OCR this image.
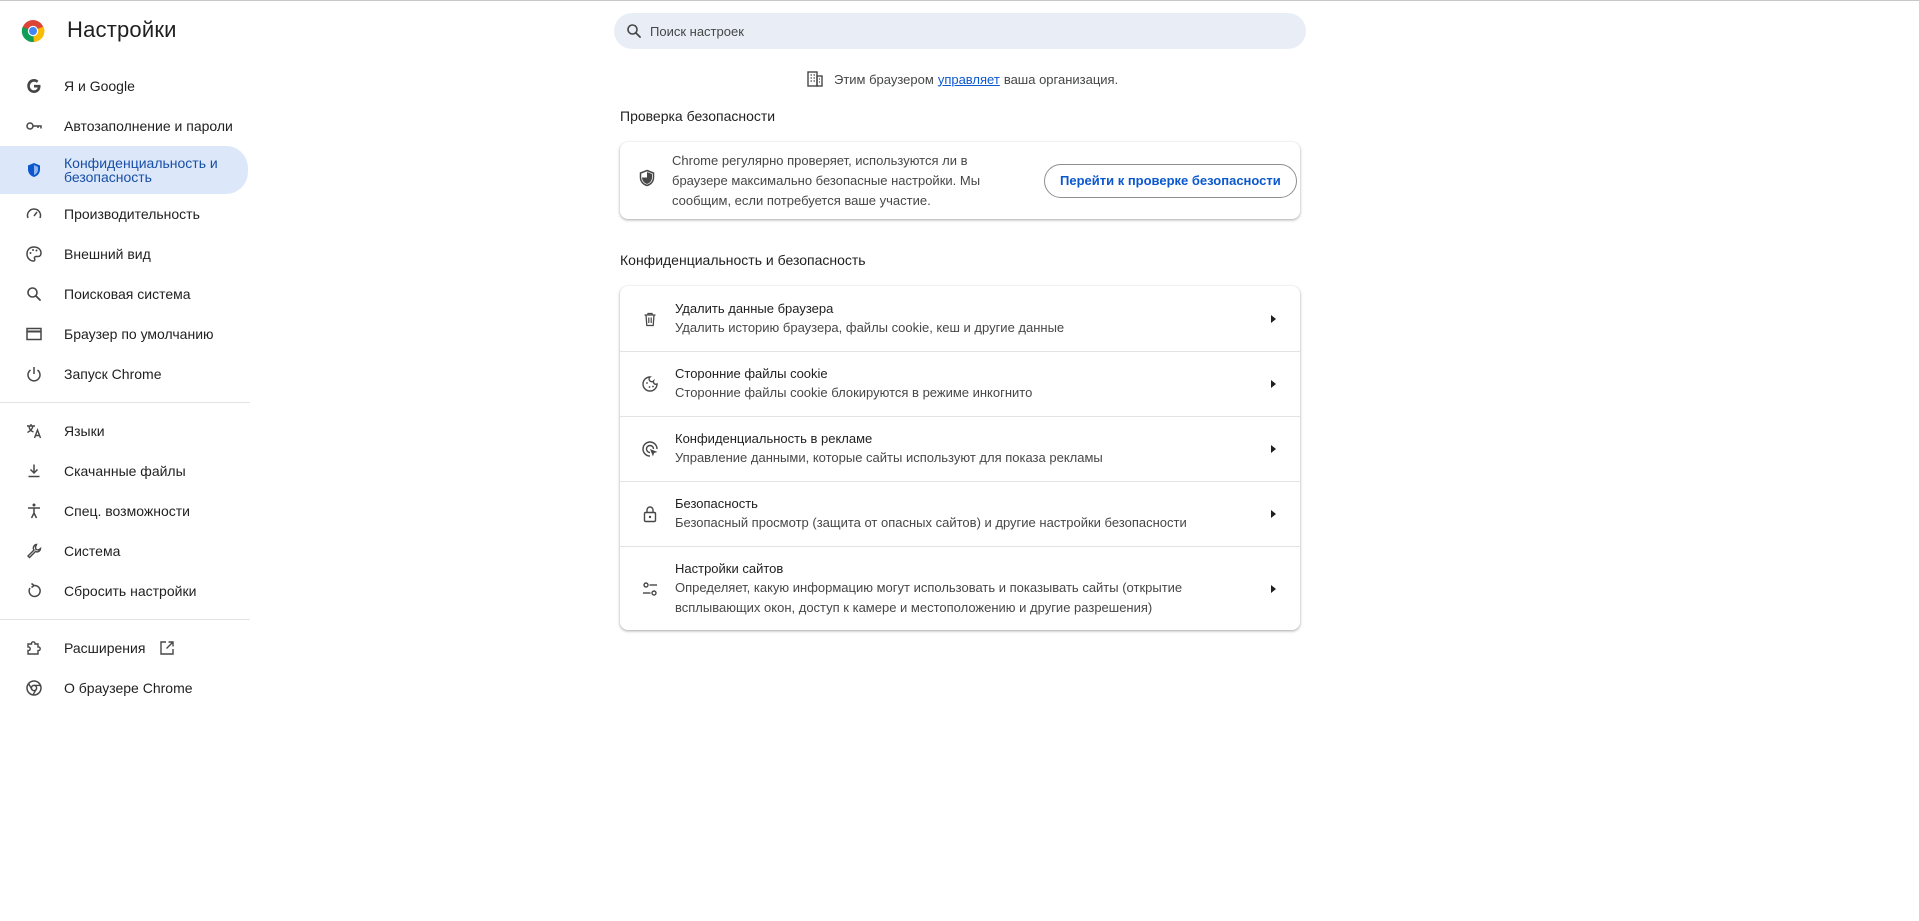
Настройки
Поиск настроек
Я и Google
Автозаполнение и пароли
Конфиденциальность и безопасность
Производительность
Внешний вид
Поисковая система
Браузер по умолчанию
Запуск Chrome
Языки
Скачанные файлы
Спец. возможности
Система
Сбросить настройки
Расширения
О браузере Chrome
Этим браузером управляет ваша организация.
Проверка безопасности
Chrome регулярно проверяет, используются ли в браузере максимально безопасные настройки. Мы сообщим, если потребуется ваше участие.
Перейти к проверке безопасности
Конфиденциальность и безопасность
Удалить данные браузера
Удалить историю браузера, файлы cookie, кеш и другие данные
Сторонние файлы cookie
Сторонние файлы cookie блокируются в режиме инкогнито
Конфиденциальность в рекламе
Управление данными, которые сайты используют для показа рекламы
Безопасность
Безопасный просмотр (защита от опасных сайтов) и другие настройки безопасности
Настройки сайтов
Определяет, какую информацию могут использовать и показывать сайты (открытие всплывающих окон, доступ к камере и местоположению и другие разрешения)
